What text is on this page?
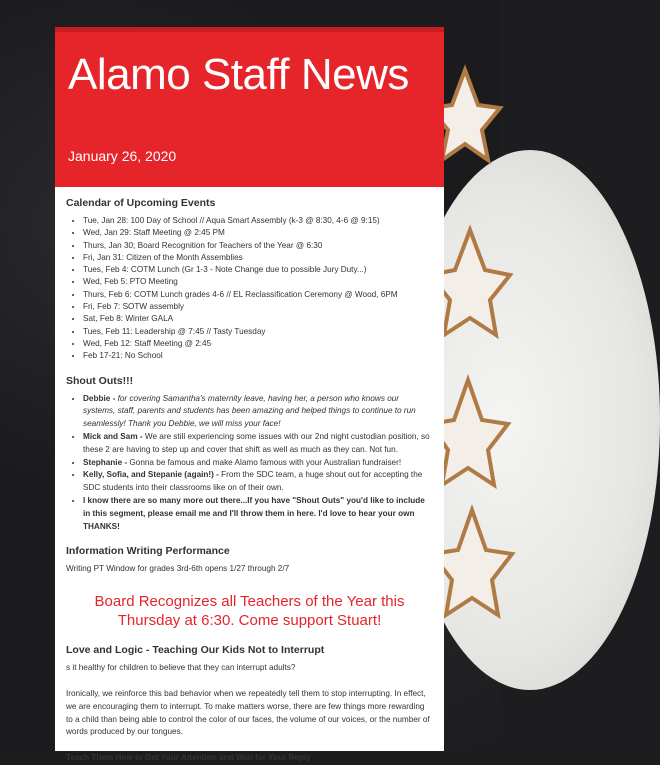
Alamo Staff News
January 26, 2020
Calendar of Upcoming Events
• Tue, Jan 28: 100 Day of School // Aqua Smart Assembly (k-3 @ 8:30, 4-6 @ 9:15)
• Wed, Jan 29: Staff Meeting @ 2:45 PM
• Thurs, Jan 30; Board Recognition for Teachers of the Year @ 6:30
• Fri, Jan 31: Citizen of the Month Assemblies
• Tues, Feb 4: COTM Lunch (Gr 1-3 - Note Change due to possible Jury Duty...)
• Wed, Feb 5: PTO Meeting
• Thurs, Feb 6: COTM Lunch grades 4-6 // EL Reclassification Ceremony @ Wood, 6PM
• Fri, Feb 7: SOTW assembly
• Sat, Feb 8: Winter GALA
• Tues, Feb 11: Leadership @ 7:45 // Tasty Tuesday
• Wed, Feb 12: Staff Meeting @ 2:45
• Feb 17-21: No School
Shout Outs!!!
• Debbie - for covering Samantha's maternity leave, having her, a person who knows our systems, staff, parents and students has been amazing and helped things to continue to run seamlessly! Thank you Debbie, we will miss your face!
• Mick and Sam - We are still experiencing some issues with our 2nd night custodian position, so these 2 are having to step up and cover that shift as well as much as they can. Not fun.
• Stephanie - Gonna be famous and make Alamo famous with your Australian fundraiser!
• Kelly, Sofia, and Stepanie (again!) - From the SDC team, a huge shout out for accepting the SDC students into their classrooms like on of their own.
• I know there are so many more out there...If you have "Shout Outs" you'd like to include in this segment, please email me and I'll throw them in here. I'd love to hear your own THANKS!
Information Writing Performance

Writing PT Window for grades 3rd-6th opens 1/27 through 2/7

Board Recognizes all Teachers of the Year this Thursday at 6:30. Come support Stuart!
Love and Logic - Teaching Our Kids Not to Interrupt

s it healthy for children to believe that they can interrupt adults?

Ironically, we reinforce this bad behavior when we repeatedly tell them to stop interrupting. In effect, we are encouraging them to interrupt. To make matters worse, there are few things more rewarding to a child than being able to control the color of our faces, the volume of our voices, or the number of words produced by our tongues.

Teach Them How to Get Your Attention and Wait for Your Reply
